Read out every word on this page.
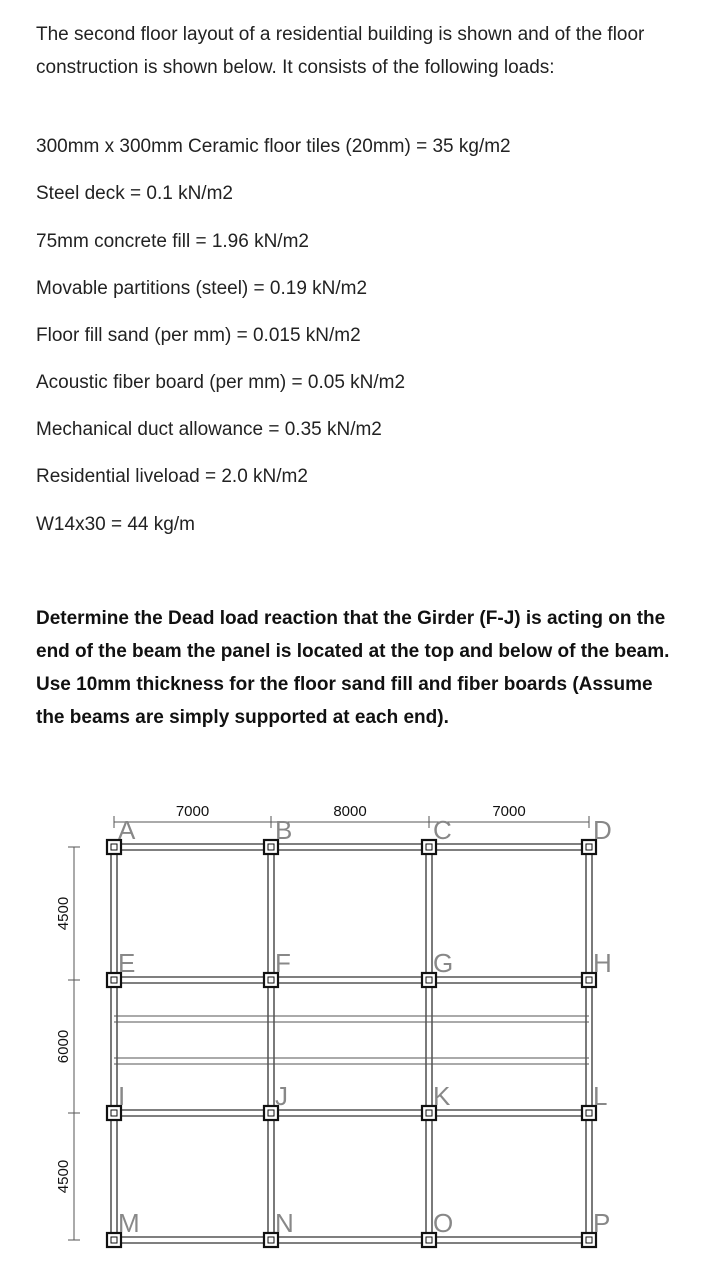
The second floor layout of a residential building is shown and of the floor construction is shown below. It consists of the following loads:
300mm x 300mm Ceramic floor tiles (20mm) = 35 kg/m2
Steel deck = 0.1 kN/m2
75mm concrete fill = 1.96 kN/m2
Movable partitions (steel) = 0.19 kN/m2
Floor fill sand (per mm) = 0.015 kN/m2
Acoustic fiber board (per mm) = 0.05 kN/m2
Mechanical duct allowance = 0.35 kN/m2
Residential liveload = 2.0 kN/m2
W14x30 = 44 kg/m
Determine the Dead load reaction that the Girder (F-J) is acting on the end of the beam the panel is located at the top and below of the beam. Use 10mm thickness for the floor sand fill and fiber boards (Assume the beams are simply supported at each end).
7000	8000	7000
4500
6000
4500
A	B	C	D
E	F	G	H
I	J	K	L
M	N	O	P
